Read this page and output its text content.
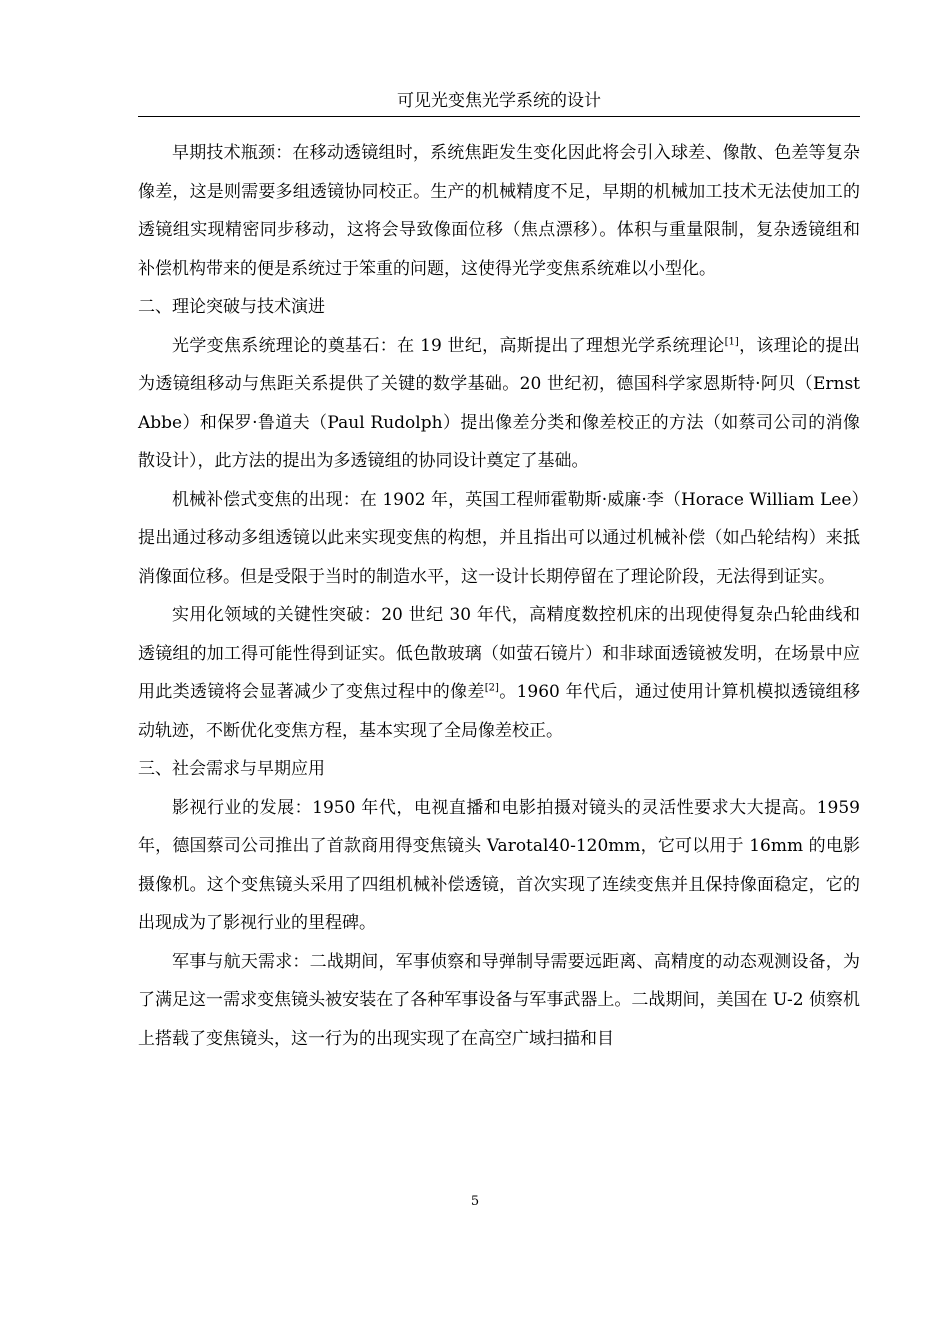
可见光变焦光学系统的设计

早期技术瓶颈：在移动透镜组时，系统焦距发生变化因此将会引入球差、像散、色差等复杂像差，这是则需要多组透镜协同校正。生产的机械精度不足，早期的机械加工技术无法使加工的透镜组实现精密同步移动，这将会导致像面位移（焦点漂移）。体积与重量限制，复杂透镜组和补偿机构带来的便是系统过于笨重的问题，这使得光学变焦系统难以小型化。

二、理论突破与技术演进

光学变焦系统理论的奠基石：在 19 世纪，高斯提出了理想光学系统理论[1]，该理论的提出为透镜组移动与焦距关系提供了关键的数学基础。20 世纪初，德国科学家恩斯特·阿贝（Ernst Abbe）和保罗·鲁道夫（Paul Rudolph）提出像差分类和像差校正的方法（如蔡司公司的消像散设计），此方法的提出为多透镜组的协同设计奠定了基础。

机械补偿式变焦的出现：在 1902 年，英国工程师霍勒斯·威廉·李（Horace William Lee）提出通过移动多组透镜以此来实现变焦的构想，并且指出可以通过机械补偿（如凸轮结构）来抵消像面位移。但是受限于当时的制造水平，这一设计长期停留在了理论阶段，无法得到证实。

实用化领域的关键性突破：20 世纪 30 年代，高精度数控机床的出现使得复杂凸轮曲线和透镜组的加工得可能性得到证实。低色散玻璃（如萤石镜片）和非球面透镜被发明，在场景中应用此类透镜将会显著减少了变焦过程中的像差[2]。1960 年代后，通过使用计算机模拟透镜组移动轨迹，不断优化变焦方程，基本实现了全局像差校正。

三、社会需求与早期应用

影视行业的发展：1950 年代，电视直播和电影拍摄对镜头的灵活性要求大大提高。1959 年，德国蔡司公司推出了首款商用得变焦镜头 Varotal40-120mm，它可以用于 16mm 的电影摄像机。这个变焦镜头采用了四组机械补偿透镜，首次实现了连续变焦并且保持像面稳定，它的出现成为了影视行业的里程碑。

军事与航天需求：二战期间，军事侦察和导弹制导需要远距离、高精度的动态观测设备，为了满足这一需求变焦镜头被安装在了各种军事设备与军事武器上。二战期间，美国在 U-2 侦察机上搭载了变焦镜头，这一行为的出现实现了在高空广域扫描和目

5
